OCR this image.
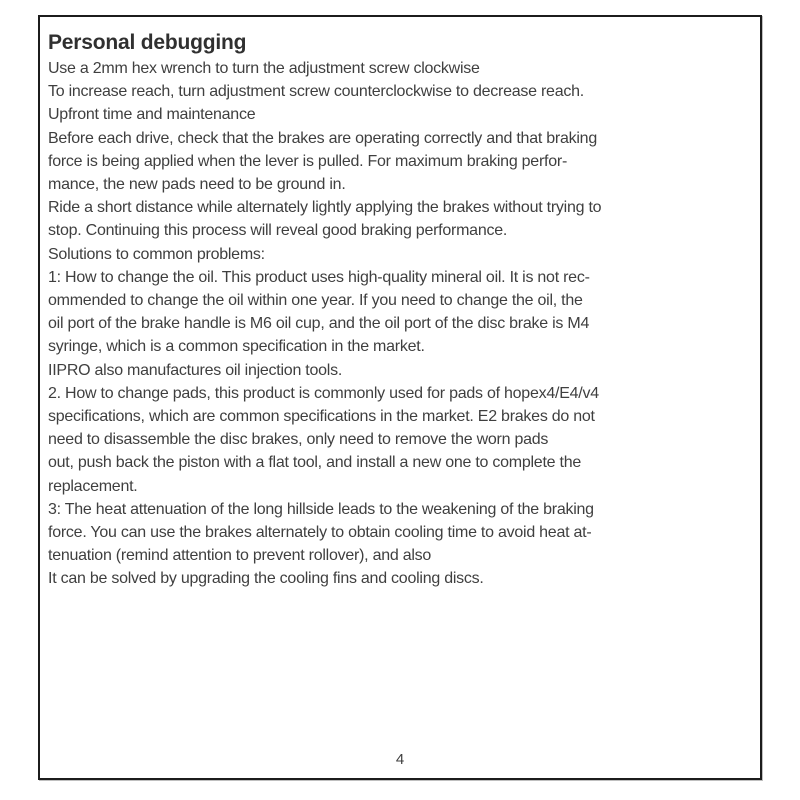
Personal debugging
Use a 2mm hex wrench to turn the adjustment screw clockwise
To increase reach, turn adjustment screw counterclockwise to decrease reach.
Upfront time and maintenance
Before each drive, check that the brakes are operating correctly and that braking
force is being applied when the lever is pulled. For maximum braking perfor-
mance, the new pads need to be ground in.
Ride a short distance while alternately lightly applying the brakes without trying to
stop. Continuing this process will reveal good braking performance.
Solutions to common problems:
1: How to change the oil. This product uses high-quality mineral oil. It is not rec-
ommended to change the oil within one year. If you need to change the oil, the
oil port of the brake handle is M6 oil cup, and the oil port of the disc brake is M4
syringe, which is a common specification in the market.
IIPRO also manufactures oil injection tools.
2. How to change pads, this product is commonly used for pads of hopex4/E4/v4
specifications, which are common specifications in the market. E2 brakes do not
need to disassemble the disc brakes, only need to remove the worn pads
out, push back the piston with a flat tool, and install a new one to complete the
replacement.
3: The heat attenuation of the long hillside leads to the weakening of the braking
force. You can use the brakes alternately to obtain cooling time to avoid heat at-
tenuation (remind attention to prevent rollover), and also
It can be solved by upgrading the cooling fins and cooling discs.
4
